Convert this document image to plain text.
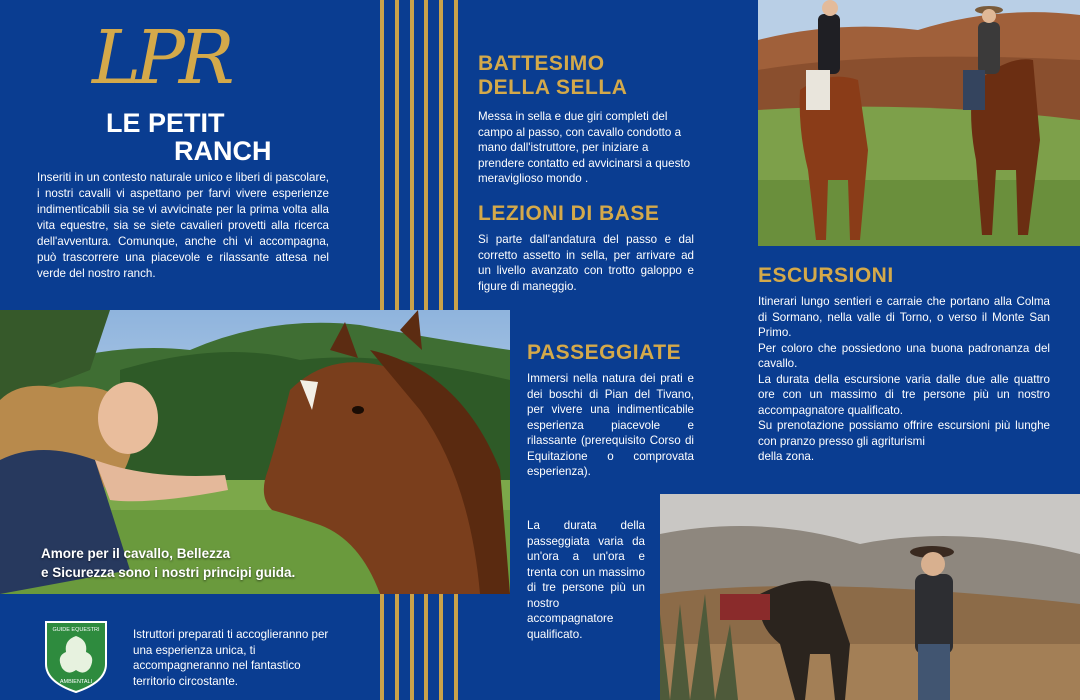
LPR
LE PETIT
RANCH

Inseriti in un contesto naturale unico e liberi di pascolare, i nostri cavalli vi aspettano per farvi vivere esperienze indimenticabili sia se vi avvicinate per la prima volta alla vita equestre, sia se siete cavalieri provetti alla ricerca dell'avventura. Comunque, anche chi vi accompagna, può trascorrere una piacevole e rilassante attesa nel verde del nostro ranch.

Amore per il cavallo, Bellezza
e Sicurezza sono i nostri principi guida.
BATTESIMO
DELLA SELLA

Messa in sella e due giri completi del campo al passo, con cavallo condotto a mano dall'istruttore, per iniziare a prendere contatto ed avvicinarsi a questo meraviglioso mondo .

LEZIONI DI BASE

Si parte dall'andatura del passo e dal corretto assetto in sella, per arrivare ad un livello avanzato con trotto galoppo e figure di maneggio.

PASSEGGIATE

Immersi nella natura dei prati e dei boschi di Pian del Tivano, per vivere una indimenticabile esperienza piacevole e rilassante (prerequisito Corso di Equitazione o comprovata esperienza).

La durata della passeggiata varia da un'ora a un'ora e trenta con un massimo di tre persone più un nostro accompagnatore qualificato.

ESCURSIONI

Itinerari lungo sentieri e carraie che portano alla Colma di Sormano, nella valle di Torno, o verso il Monte San Primo.
Per coloro che possiedono una buona padronanza del cavallo.
La durata della escursione varia dalle due alle quattro ore con un massimo di tre persone più un nostro accompagnatore qualificato.
Su prenotazione possiamo offrire escursioni più lunghe con pranzo presso gli agriturismi
della zona.

GUIDE EQUESTRI
AMBIENTALI

Istruttori preparati ti accoglieranno per una esperienza unica, ti accompagneranno nel fantastico territorio circostante.
